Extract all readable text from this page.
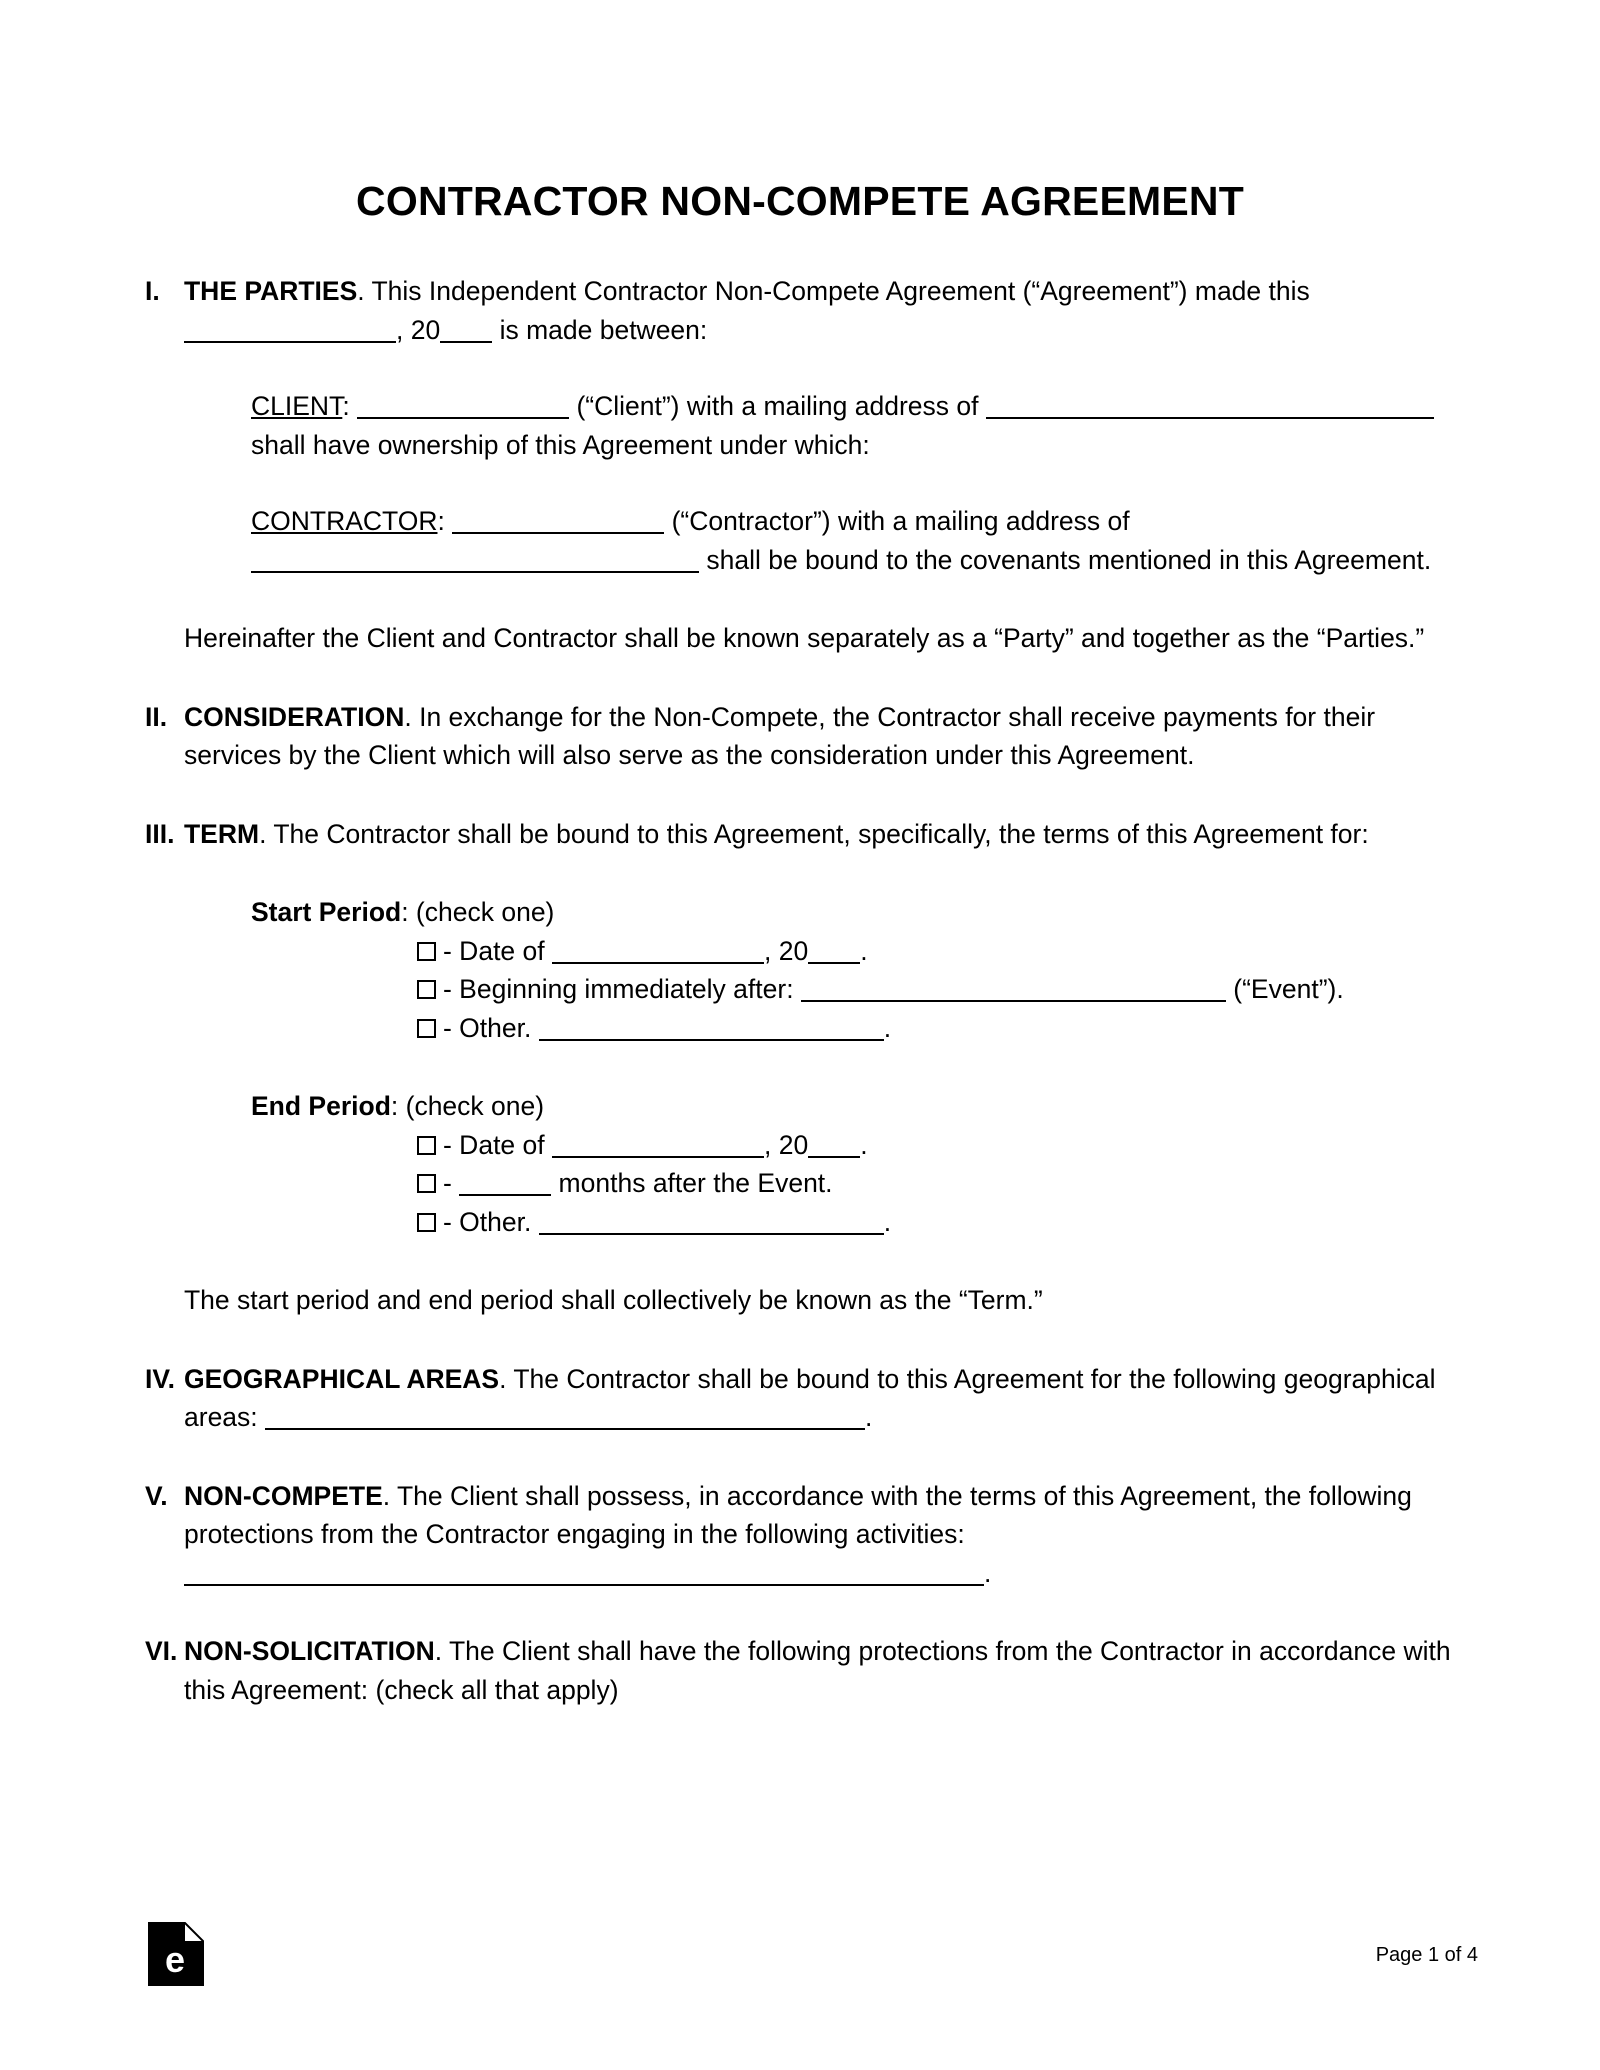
CONTRACTOR NON-COMPETE AGREEMENT
I. THE PARTIES. This Independent Contractor Non-Compete Agreement (“Agreement”) made this , 20 is made between:
CLIENT:	(“Client”) with a mailing address of  shall have ownership of this Agreement under which:
CONTRACTOR:	(“Contractor”) with a mailing address of  shall be bound to the covenants mentioned in this Agreement.
Hereinafter the Client and Contractor shall be known separately as a “Party” and together as the “Parties.”
II. CONSIDERATION. In exchange for the Non-Compete, the Contractor shall receive payments for their services by the Client which will also serve as the consideration under this Agreement.
III. TERM. The Contractor shall be bound to this Agreement, specifically, the terms of this Agreement for:
Start Period: (check one)
- Date of	, 20 .
- Beginning immediately after:	(“Event”).
- Other.	.
End Period: (check one)
- Date of	, 20 .
-	months after the Event.
- Other.	.
The start period and end period shall collectively be known as the “Term.”
IV. GEOGRAPHICAL AREAS. The Contractor shall be bound to this Agreement for the following geographical areas:	.
V. NON-COMPETE. The Client shall possess, in accordance with the terms of this Agreement, the following protections from the Contractor engaging in the following activities: .
VI. NON-SOLICITATION. The Client shall have the following protections from the Contractor in accordance with this Agreement: (check all that apply)
e	Page 1 of 4
